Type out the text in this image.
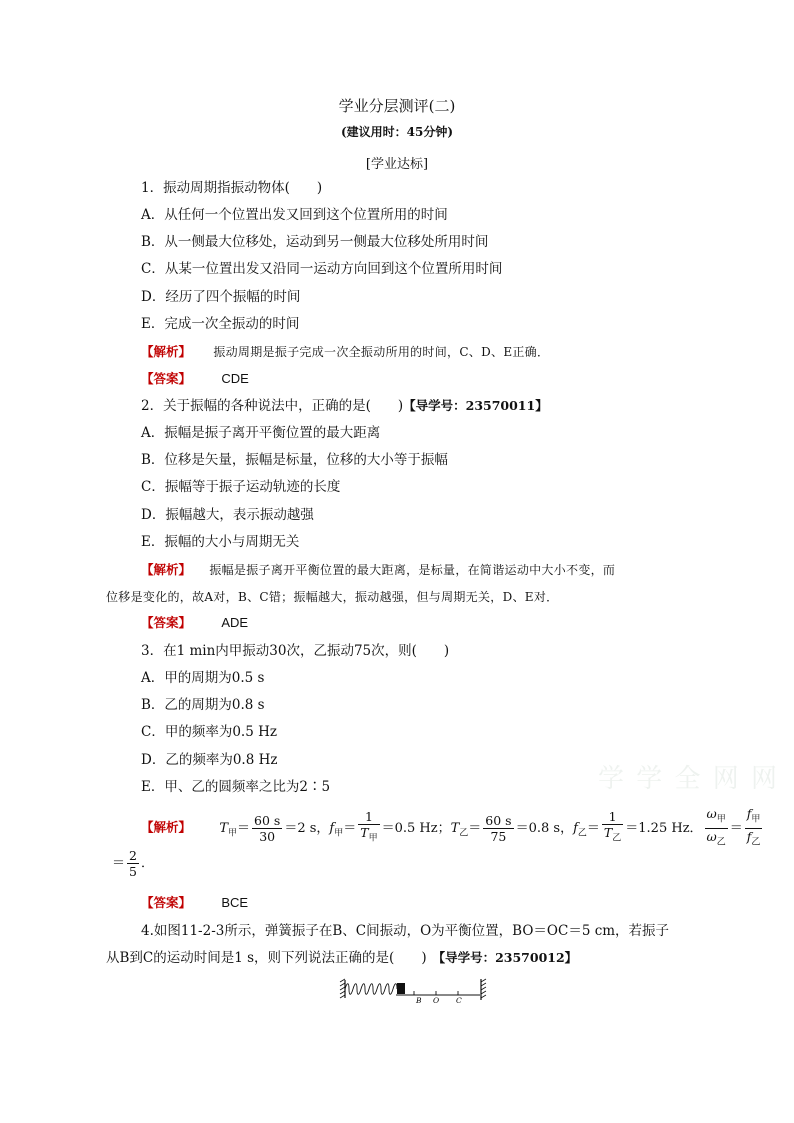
学业分层测评(二)
(建议用时：45分钟)
[学业达标]
1．振动周期指振动物体(　　)
A．从任何一个位置出发又回到这个位置所用的时间
B．从一侧最大位移处，运动到另一侧最大位移处所用时间
C．从某一位置出发又沿同一运动方向回到这个位置所用时间
D．经历了四个振幅的时间
E．完成一次全振动的时间
【解析】 振动周期是振子完成一次全振动所用的时间，C、D、E正确．
【答案】 CDE
2．关于振幅的各种说法中，正确的是(　　)【导学号：23570011】
A．振幅是振子离开平衡位置的最大距离
B．位移是矢量，振幅是标量，位移的大小等于振幅
C．振幅等于振子运动轨迹的长度
D．振幅越大，表示振动越强
E．振幅的大小与周期无关
【解析】 振幅是振子离开平衡位置的最大距离，是标量，在简谐运动中大小不变，而
位移是变化的，故A对，B、C错；振幅越大，振动越强，但与周期无关，D、E对．
【答案】 ADE
3．在1 min内甲振动30次，乙振动75次，则(　　)
A．甲的周期为0.5 s
B．乙的周期为0.8 s
C．甲的频率为0.5 Hz
D．乙的频率为0.8 Hz
E．甲、乙的圆频率之比为2∶5
【解析】 $T_甲= \frac{60 s}{30} =2$ s，$f_甲= \frac{1}{T_甲} =0.5$ Hz；$T_乙= \frac{60 s}{75} =0.8$ s，$f_乙= \frac{1}{T_乙} =1.25$ Hz． $\frac{\omega_甲}{\omega_乙} = \frac{f_甲}{f_乙}$
＝ $\frac{2}{5}$ ．
【答案】 BCE
4.如图11-2-3所示，弹簧振子在B、C间振动，O为平衡位置，BO＝OC＝5 cm，若振子
从B到C的运动时间是1 s，则下列说法正确的是(　　) 【导学号：23570012】
B O C
学 学 全 网 网
